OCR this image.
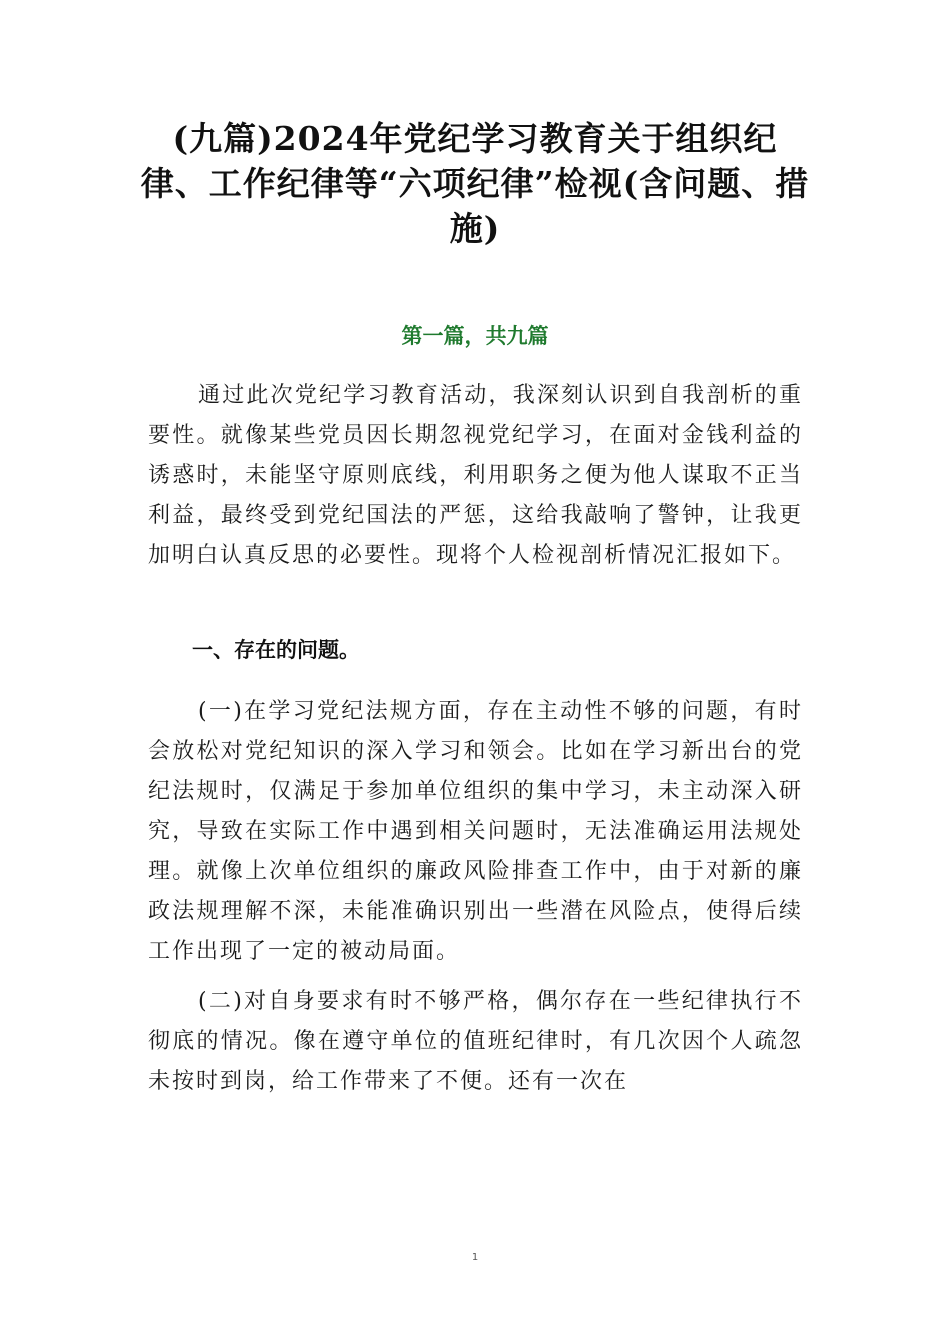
(九篇)2024年党纪学习教育关于组织纪律、工作纪律等“六项纪律”检视(含问题、措施)
第一篇，共九篇

通过此次党纪学习教育活动，我深刻认识到自我剖析的重要性。就像某些党员因长期忽视党纪学习，在面对金钱利益的诱惑时，未能坚守原则底线，利用职务之便为他人谋取不正当利益，最终受到党纪国法的严惩，这给我敲响了警钟，让我更加明白认真反思的必要性。现将个人检视剖析情况汇报如下。

一、存在的问题。

(一)在学习党纪法规方面，存在主动性不够的问题，有时会放松对党纪知识的深入学习和领会。比如在学习新出台的党纪法规时，仅满足于参加单位组织的集中学习，未主动深入研究，导致在实际工作中遇到相关问题时，无法准确运用法规处理。就像上次单位组织的廉政风险排查工作中，由于对新的廉政法规理解不深，未能准确识别出一些潜在风险点，使得后续工作出现了一定的被动局面。

(二)对自身要求有时不够严格，偶尔存在一些纪律执行不彻底的情况。像在遵守单位的值班纪律时，有几次因个人疏忽未按时到岗，给工作带来了不便。还有一次在

1
